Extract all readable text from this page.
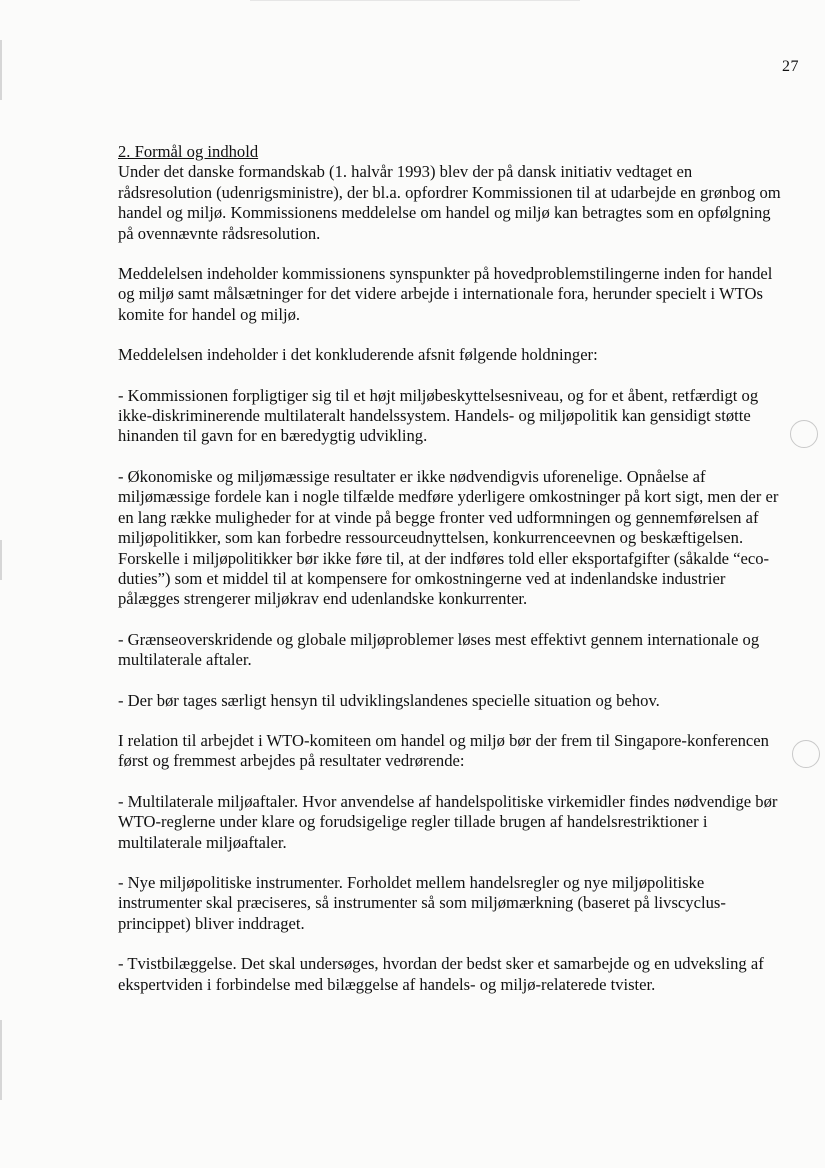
27
2. Formål og indhold

Under det danske formandskab (1. halvår 1993) blev der på dansk initiativ vedtaget en rådsresolution (udenrigsministre), der bl.a. opfordrer Kommissionen til at udarbejde en grønbog om handel og miljø. Kommissionens meddelelse om handel og miljø kan betragtes som en opfølgning på ovennævnte rådsresolution.

Meddelelsen indeholder kommissionens synspunkter på hovedproblemstilingerne inden for handel og miljø samt målsætninger for det videre arbejde i internationale fora, herunder specielt i WTOs komite for handel og miljø.

Meddelelsen indeholder i det konkluderende afsnit følgende holdninger:

- Kommissionen forpligtiger sig til et højt miljøbeskyttelsesniveau, og for et åbent, retfærdigt og ikke-diskriminerende multilateralt handelssystem. Handels- og miljøpolitik kan gensidigt støtte hinanden til gavn for en bæredygtig udvikling.

- Økonomiske og miljømæssige resultater er ikke nødvendigvis uforenelige. Opnåelse af miljømæssige fordele kan i nogle tilfælde medføre yderligere omkostninger på kort sigt, men der er en lang række muligheder for at vinde på begge fronter ved udformningen og gennemførelsen af miljøpolitikker, som kan forbedre ressourceudnyttelsen, konkurrenceevnen og beskæftigelsen. Forskelle i miljøpolitikker bør ikke føre til, at der indføres told eller eksportafgifter (såkalde “eco-duties”) som et middel til at kompensere for omkostningerne ved at indenlandske industrier pålægges strengerer miljøkrav end udenlandske konkurrenter.

- Grænseoverskridende og globale miljøproblemer løses mest effektivt gennem internationale og multilaterale aftaler.

- Der bør tages særligt hensyn til udviklingslandenes specielle situation og behov.

I relation til arbejdet i WTO-komiteen om handel og miljø bør der frem til Singapore-konferencen først og fremmest arbejdes på resultater vedrørende:

- Multilaterale miljøaftaler. Hvor anvendelse af handelspolitiske virkemidler findes nødvendige bør WTO-reglerne under klare og forudsigelige regler tillade brugen af handelsrestriktioner i multilaterale miljøaftaler.

- Nye miljøpolitiske instrumenter. Forholdet mellem handelsregler og nye miljøpolitiske instrumenter skal præciseres, så instrumenter så som miljømærkning (baseret på livscyclus-princippet) bliver inddraget.

- Tvistbilæggelse. Det skal undersøges, hvordan der bedst sker et samarbejde og en udveksling af ekspertviden i forbindelse med bilæggelse af handels- og miljø-relaterede tvister.
